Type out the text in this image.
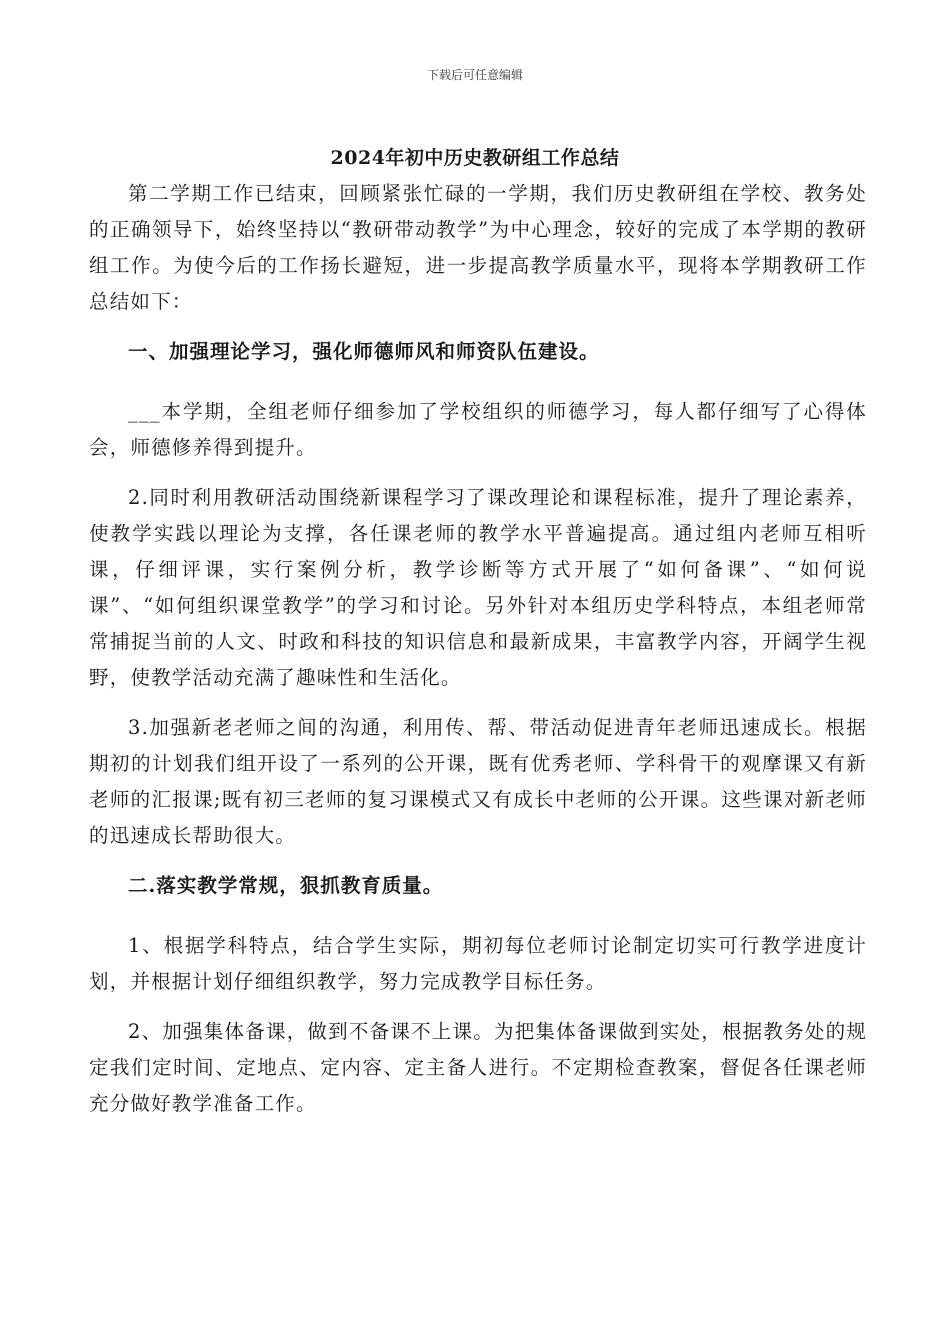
下载后可任意编辑
2024年初中历史教研组工作总结

第二学期工作已结束，回顾紧张忙碌的一学期，我们历史教研组在学校、教务处的正确领导下，始终坚持以“教研带动教学”为中心理念，较好的完成了本学期的教研组工作。为使今后的工作扬长避短，进一步提高教学质量水平，现将本学期教研工作总结如下：

一、加强理论学习，强化师德师风和师资队伍建设。

___本学期，全组老师仔细参加了学校组织的师德学习，每人都仔细写了心得体会，师德修养得到提升。

2.同时利用教研活动围绕新课程学习了课改理论和课程标准，提升了理论素养，使教学实践以理论为支撑，各任课老师的教学水平普遍提高。通过组内老师互相听课，仔细评课，实行案例分析，教学诊断等方式开展了“如何备课”、“如何说课”、“如何组织课堂教学”的学习和讨论。另外针对本组历史学科特点，本组老师常常捕捉当前的人文、时政和科技的知识信息和最新成果，丰富教学内容，开阔学生视野，使教学活动充满了趣味性和生活化。

3.加强新老老师之间的沟通，利用传、帮、带活动促进青年老师迅速成长。根据期初的计划我们组开设了一系列的公开课，既有优秀老师、学科骨干的观摩课又有新老师的汇报课;既有初三老师的复习课模式又有成长中老师的公开课。这些课对新老师的迅速成长帮助很大。

二.落实教学常规，狠抓教育质量。

1、根据学科特点，结合学生实际，期初每位老师讨论制定切实可行教学进度计划，并根据计划仔细组织教学，努力完成教学目标任务。

2、加强集体备课，做到不备课不上课。为把集体备课做到实处，根据教务处的规定我们定时间、定地点、定内容、定主备人进行。不定期检查教案，督促各任课老师充分做好教学准备工作。
